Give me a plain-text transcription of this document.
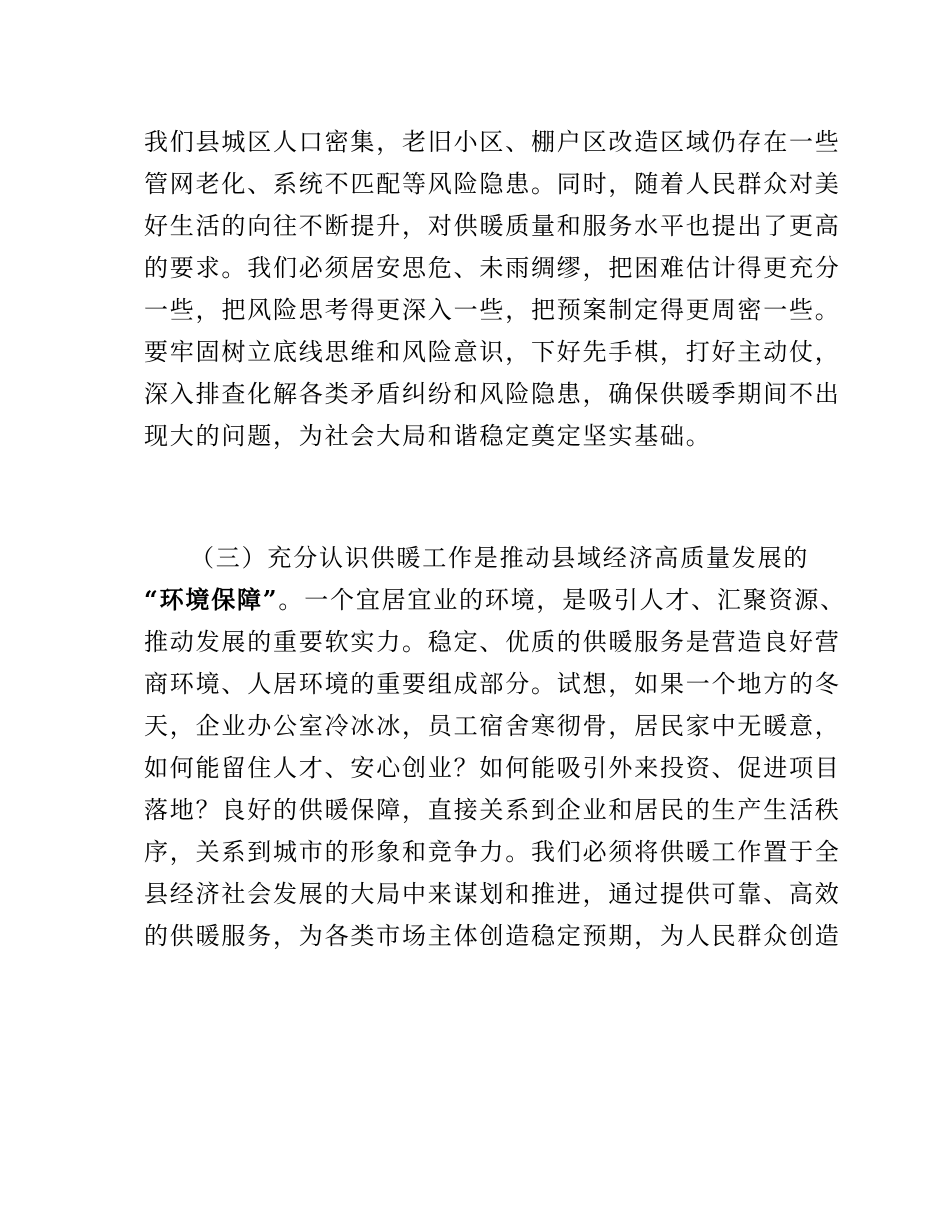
我们县城区人口密集，老旧小区、棚户区改造区域仍存在一些
管网老化、系统不匹配等风险隐患。同时，随着人民群众对美
好生活的向往不断提升，对供暖质量和服务水平也提出了更高
的要求。我们必须居安思危、未雨绸缪，把困难估计得更充分
一些，把风险思考得更深入一些，把预案制定得更周密一些。
要牢固树立底线思维和风险意识，下好先手棋，打好主动仗，
深入排查化解各类矛盾纠纷和风险隐患，确保供暖季期间不出
现大的问题，为社会大局和谐稳定奠定坚实基础。
（三）充分认识供暖工作是推动县域经济高质量发展的
“环境保障”。一个宜居宜业的环境，是吸引人才、汇聚资源、
推动发展的重要软实力。稳定、优质的供暖服务是营造良好营
商环境、人居环境的重要组成部分。试想，如果一个地方的冬
天，企业办公室冷冰冰，员工宿舍寒彻骨，居民家中无暖意，
如何能留住人才、安心创业？如何能吸引外来投资、促进项目
落地？良好的供暖保障，直接关系到企业和居民的生产生活秩
序，关系到城市的形象和竞争力。我们必须将供暖工作置于全
县经济社会发展的大局中来谋划和推进，通过提供可靠、高效
的供暖服务，为各类市场主体创造稳定预期，为人民群众创造
